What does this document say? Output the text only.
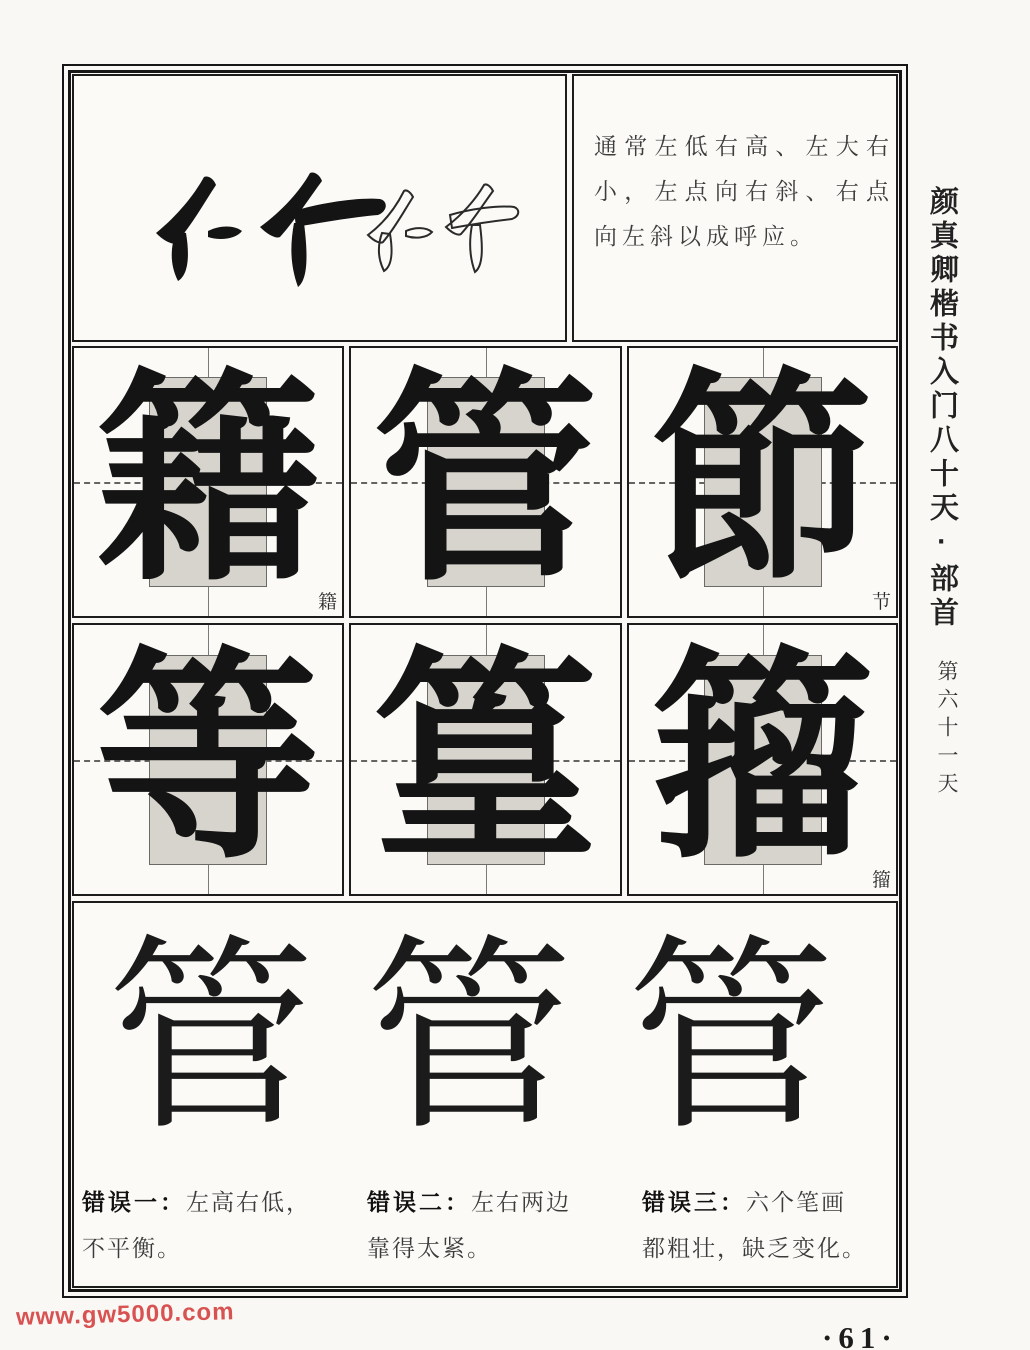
通常左低右高、左大右小，左点向右斜、右点向左斜以成呼应。
籍
籍 管 節
节
等 篁 籀
籀
管 管 管
错误一：左高右低，
不平衡。
错误二：左右两边
靠得太紧。
错误三：六个笔画
都粗壮，缺乏变化。
颜真卿楷书入门八十天·部首
第六十一天
www.gw5000.com
·61·
